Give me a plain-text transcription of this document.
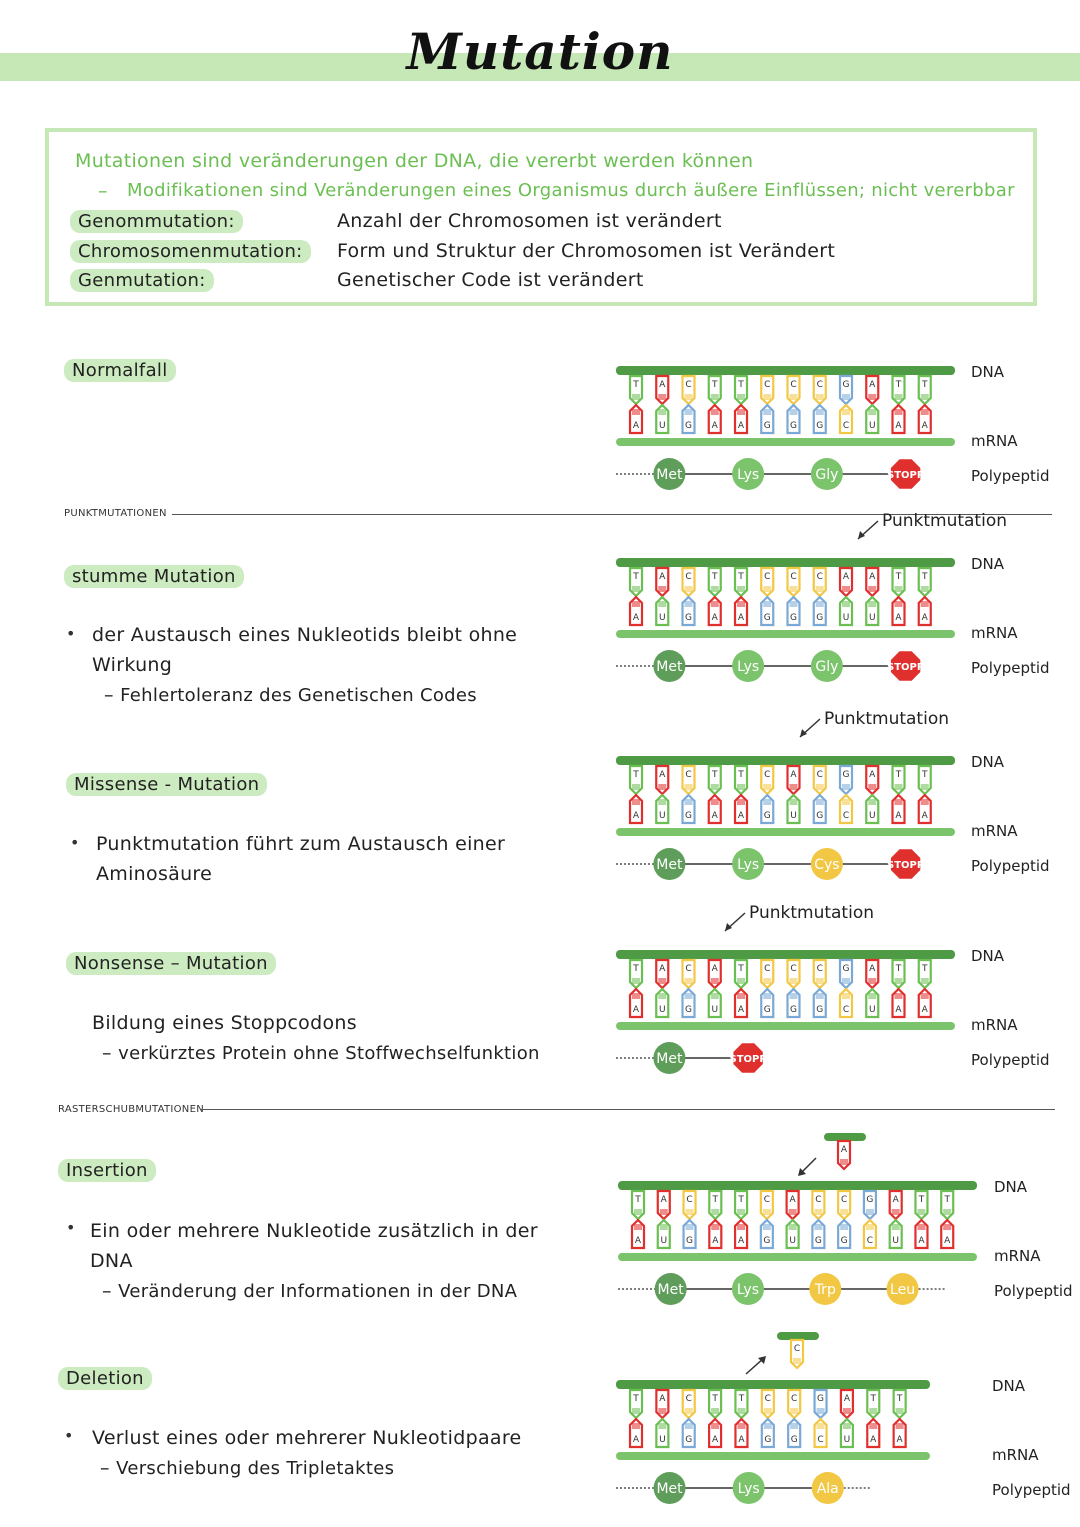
Mutation
Mutationen sind veränderungen der DNA, die vererbt werden können
– Modifikationen sind Veränderungen eines Organismus durch äußere Einflüssen; nicht vererbbar
Genommutation:	Anzahl der Chromosomen ist verändert
Chromosomenmutation:	Form und Struktur der Chromosomen ist Verändert
Genmutation:	Genetischer Code ist verändert
Normalfall
PUNKTMUTATIONEN
stumme Mutation
• der Austausch eines Nukleotids bleibt ohne
Wirkung
– Fehlertoleranz des Genetischen Codes
Missense - Mutation
• Punktmutation führt zum Austausch einer
Aminosäure
Nonsense – Mutation
Bildung eines Stoppcodons
– verkürztes Protein ohne Stoffwechselfunktion
RASTERSCHUBMUTATIONEN
Insertion
• Ein oder mehrere Nukleotide zusätzlich in der
DNA
– Veränderung der Informationen in der DNA
Deletion
• Verlust eines oder mehrerer Nukleotidpaare
– Verschiebung des Tripletaktes
T
A
A
U
C
G
T
A
T
A
C
G
C
G
C
G
G
C
A
U
T
A
T
A
DNA
mRNA
Met	Lys	Gly	STOPP	Polypeptid
T
A
A
U
C
G
T
A
T
A
C
G
C
G
C
G
A
U
A
U
T
A
T
A
DNA
mRNA
Met	Lys	Gly	STOPP	Polypeptid
Punktmutation
T
A
A
U
C
G
T
A
T
A
C
G
A
U
C
G
G
C
A
U
T
A
T
A
DNA
mRNA
Met	Lys	Cys	STOPP	Polypeptid
Punktmutation
T
A
A
U
C
G
A
U
T
A
C
G
C
G
C
G
G
C
A
U
T
A
T
A
DNA
mRNA
Met	STOPP	Polypeptid
Punktmutation
T
A
A
U
C
G
T
A
T
A
C
G
A
U
C
G
C
G
G
C
A
U
T
A
T
A
DNA
mRNA
Met	Lys	Trp	Leu	Polypeptid
A
T
A
A
U
C
G
T
A
T
A
C
G
C
G
G
C
A
U
T
A
T
A
DNA
mRNA
Met	Lys	Ala	Polypeptid
C
